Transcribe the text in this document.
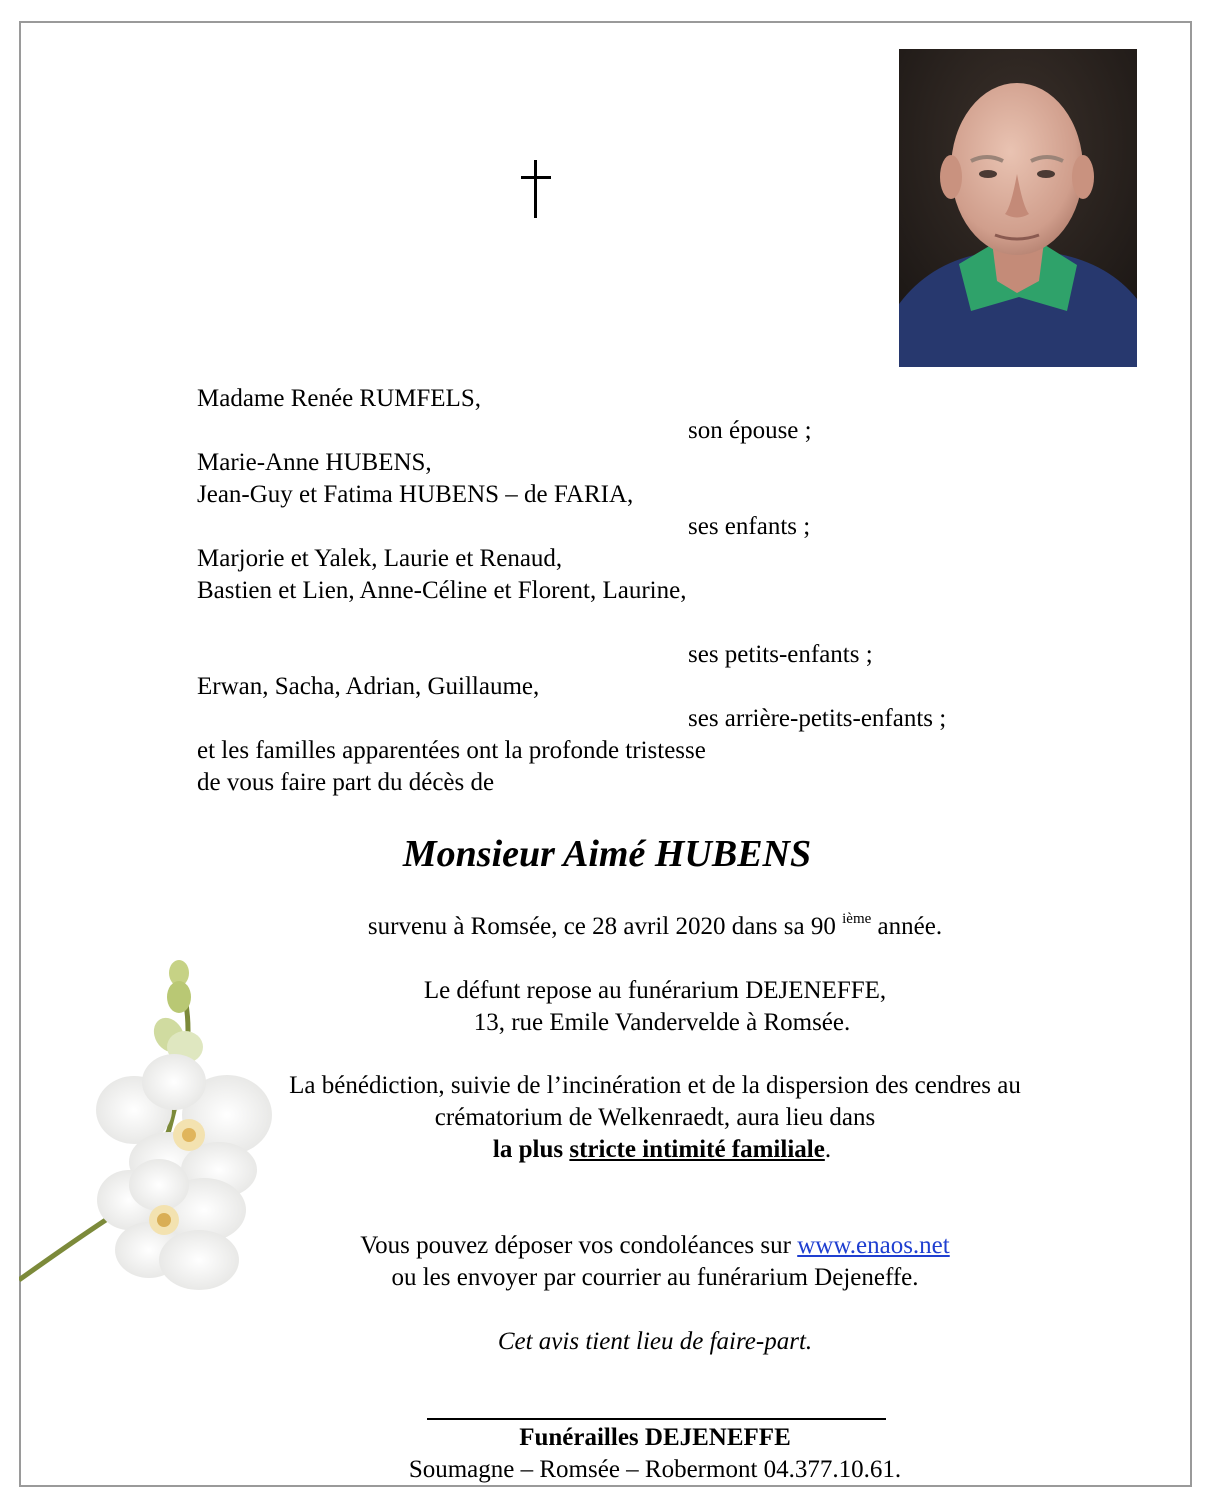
Madame Renée RUMFELS,
son épouse ;
Marie-Anne HUBENS,
Jean-Guy et Fatima HUBENS – de FARIA,
ses enfants ;
Marjorie et Yalek, Laurie et Renaud,
Bastien et Lien, Anne-Céline et Florent, Laurine,
ses petits-enfants ;
Erwan, Sacha, Adrian, Guillaume,
ses arrière-petits-enfants ;
et les familles apparentées ont la profonde tristesse
de vous faire part du décès de
Monsieur Aimé HUBENS
survenu à Romsée, ce 28 avril 2020 dans sa 90 $^{ième}$ année.
Le défunt repose au funérarium DEJENEFFE,
13, rue Emile Vandervelde à Romsée.
La bénédiction, suivie de l’incinération et de la dispersion des cendres au
crématorium de Welkenraedt, aura lieu dans
la plus stricte intimité familiale.
Vous pouvez déposer vos condoléances sur www.enaos.net
ou les envoyer par courrier au funérarium Dejeneffe.
Cet avis tient lieu de faire-part.
Funérailles DEJENEFFE
Soumagne – Romsée – Robermont 04.377.10.61.
